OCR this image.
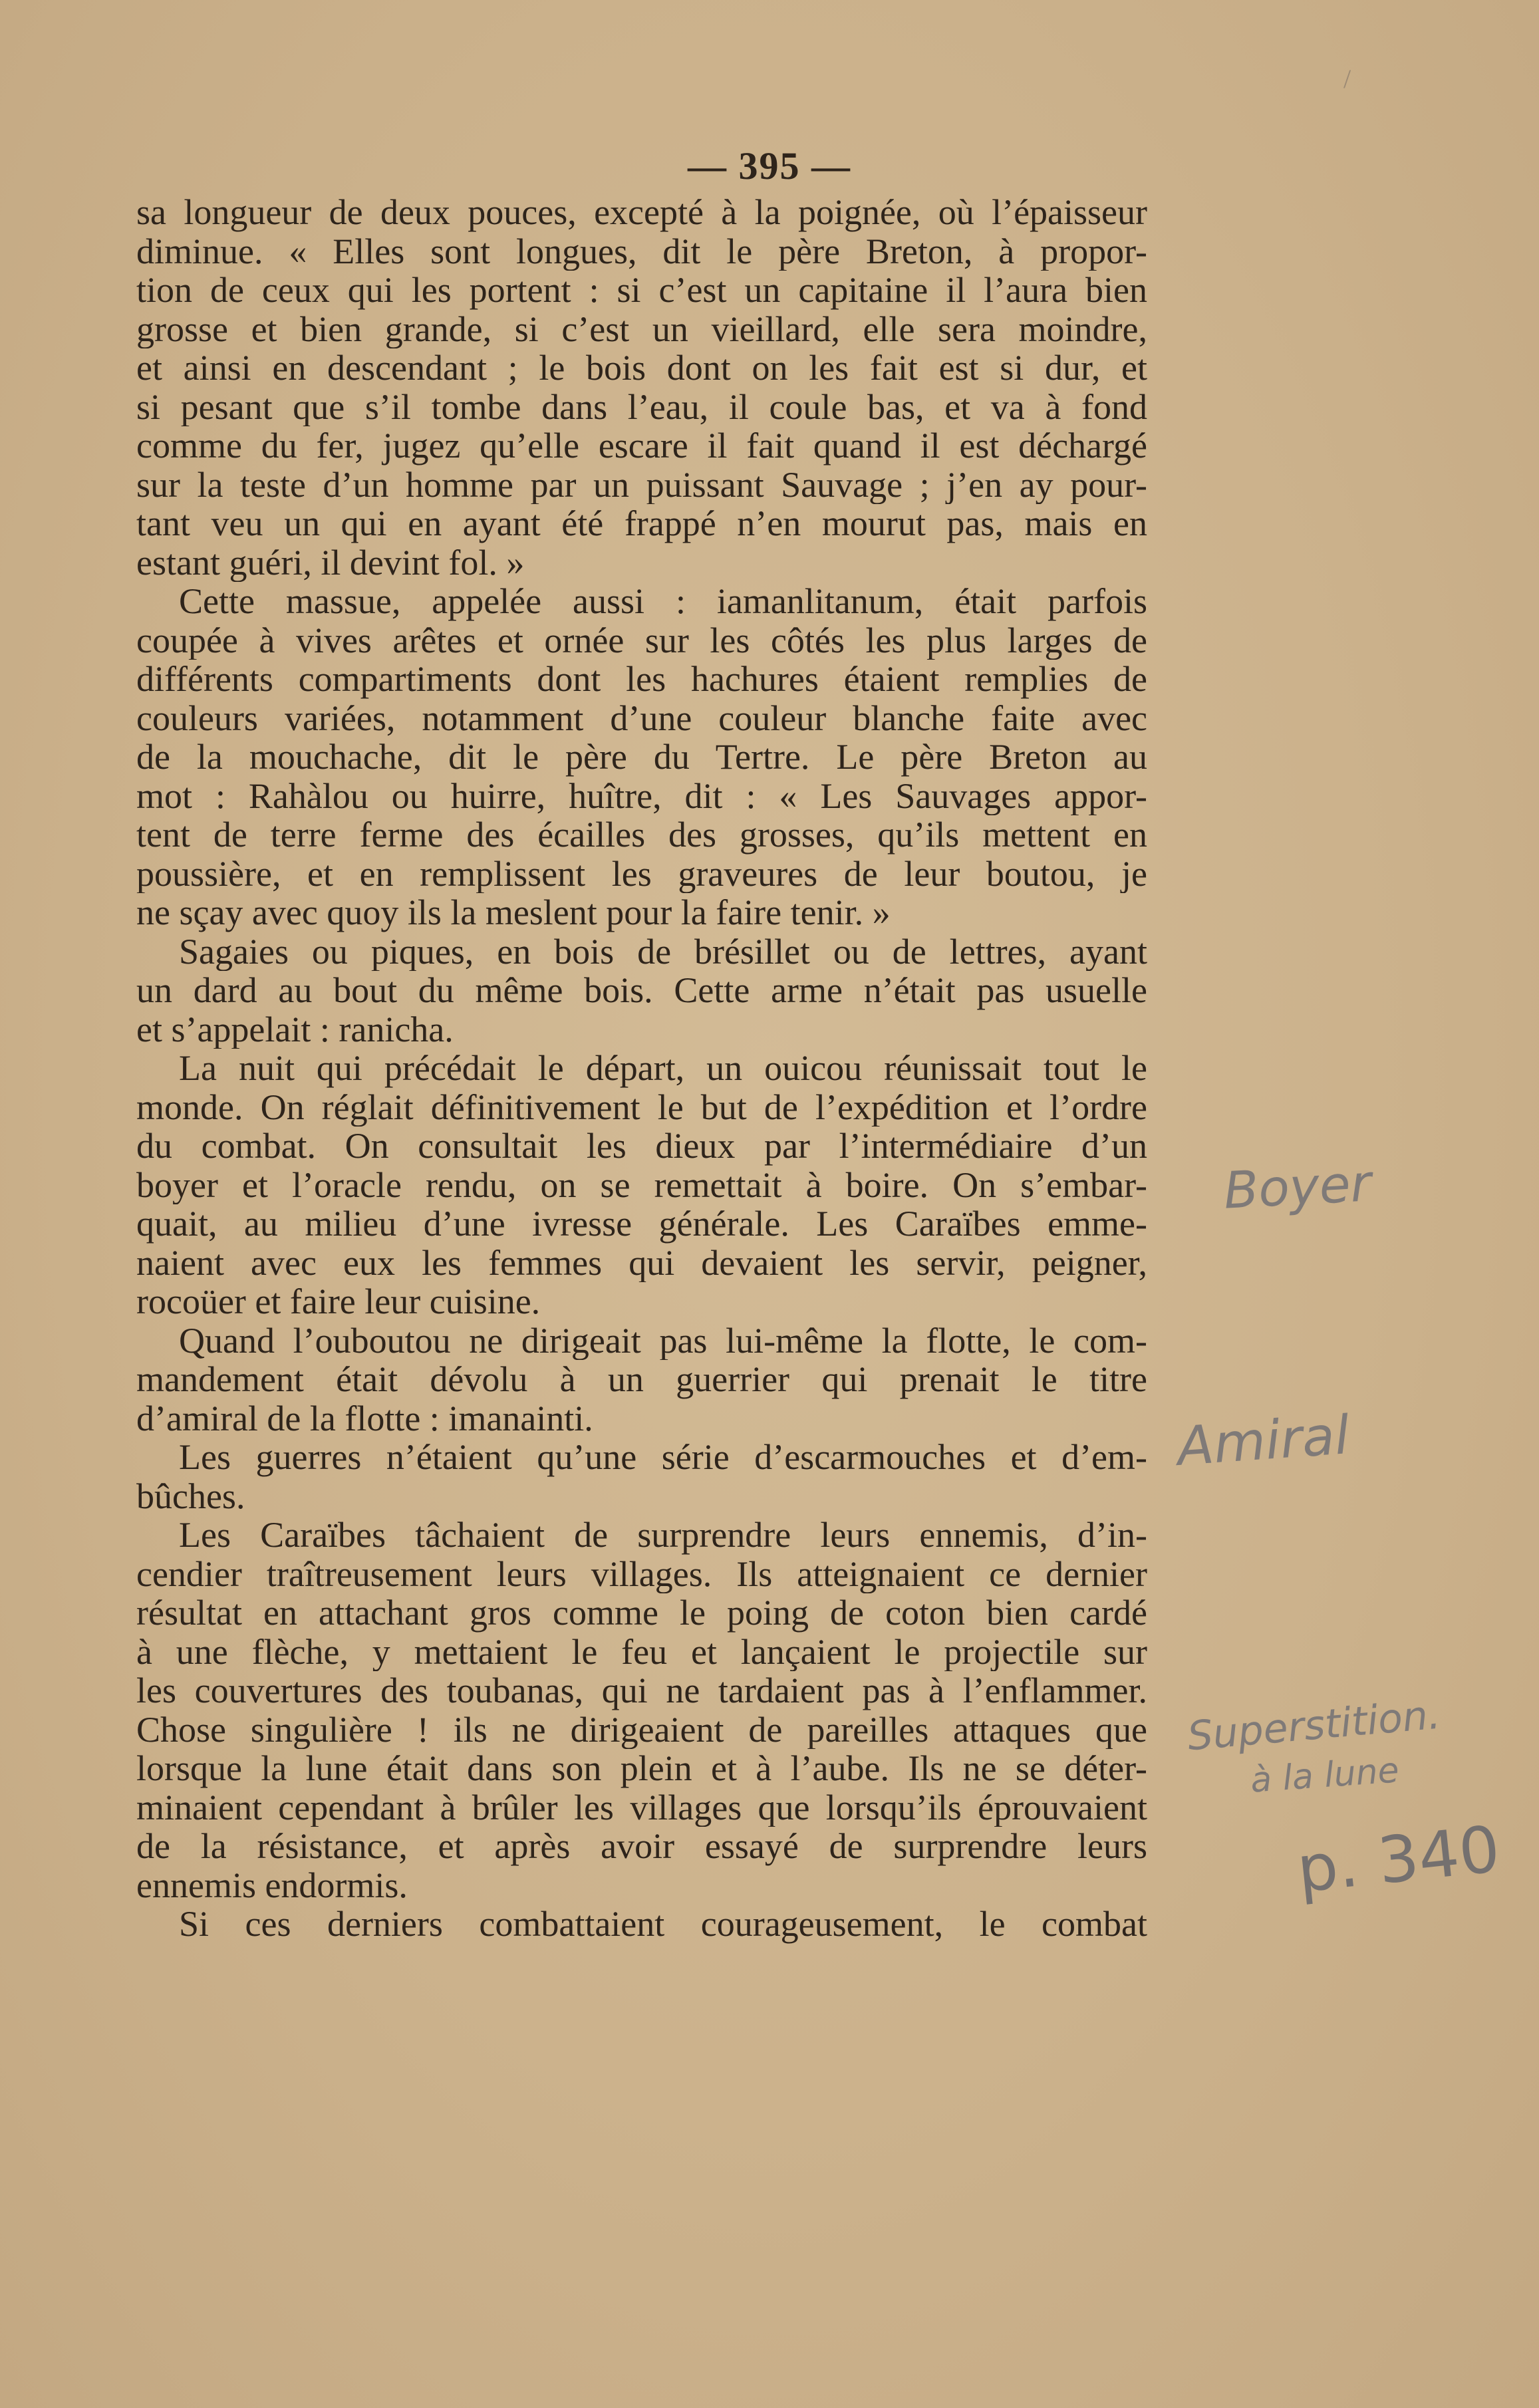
/
— 395 —
sa longueur de deux pouces, excepté à la poignée, où l’épaisseur
diminue. « Elles sont longues, dit le père Breton, à propor-
tion de ceux qui les portent : si c’est un capitaine il l’aura bien
grosse et bien grande, si c’est un vieillard, elle sera moindre,
et ainsi en descendant ; le bois dont on les fait est si dur, et
si pesant que s’il tombe dans l’eau, il coule bas, et va à fond
comme du fer, jugez qu’elle escare il fait quand il est déchargé
sur la teste d’un homme par un puissant Sauvage ; j’en ay pour-
tant veu un qui en ayant été frappé n’en mourut pas, mais en
estant guéri, il devint fol. »
Cette massue, appelée aussi : iamanlitanum, était parfois
coupée à vives arêtes et ornée sur les côtés les plus larges de
différents compartiments dont les hachures étaient remplies de
couleurs variées, notamment d’une couleur blanche faite avec
de la mouchache, dit le père du Tertre. Le père Breton au
mot : Rahàlou ou huirre, huître, dit : « Les Sauvages appor-
tent de terre ferme des écailles des grosses, qu’ils mettent en
poussière, et en remplissent les graveures de leur boutou, je
ne sçay avec quoy ils la meslent pour la faire tenir. »
Sagaies ou piques, en bois de brésillet ou de lettres, ayant
un dard au bout du même bois. Cette arme n’était pas usuelle
et s’appelait : ranicha.
La nuit qui précédait le départ, un ouicou réunissait tout le
monde. On réglait définitivement le but de l’expédition et l’ordre
du combat. On consultait les dieux par l’intermédiaire d’un
boyer et l’oracle rendu, on se remettait à boire. On s’embar-
quait, au milieu d’une ivresse générale. Les Caraïbes emme-
naient avec eux les femmes qui devaient les servir, peigner,
rocoüer et faire leur cuisine.
Quand l’ouboutou ne dirigeait pas lui-même la flotte, le com-
mandement était dévolu à un guerrier qui prenait le titre
d’amiral de la flotte : imanainti.
Les guerres n’étaient qu’une série d’escarmouches et d’em-
bûches.
Les Caraïbes tâchaient de surprendre leurs ennemis, d’in-
cendier traîtreusement leurs villages. Ils atteignaient ce dernier
résultat en attachant gros comme le poing de coton bien cardé
à une flèche, y mettaient le feu et lançaient le projectile sur
les couvertures des toubanas, qui ne tardaient pas à l’enflammer.
Chose singulière ! ils ne dirigeaient de pareilles attaques que
lorsque la lune était dans son plein et à l’aube. Ils ne se déter-
minaient cependant à brûler les villages que lorsqu’ils éprouvaient
de la résistance, et après avoir essayé de surprendre leurs
ennemis endormis.
Si ces derniers combattaient courageusement, le combat
Boyer
Amiral
Superstition.
à la lune
p. 340
